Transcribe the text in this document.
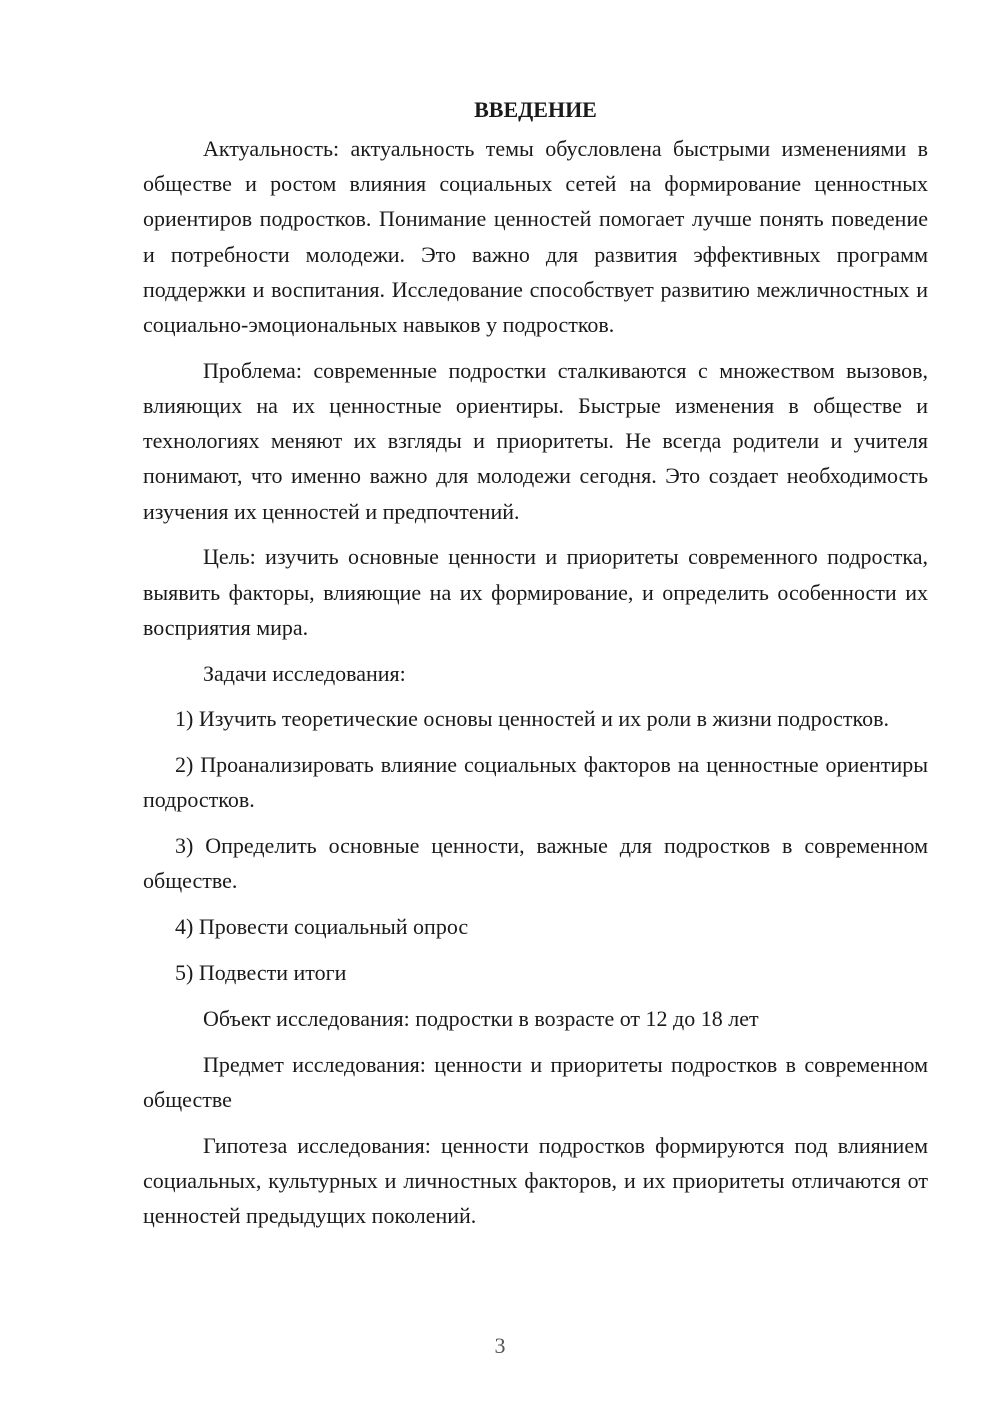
ВВЕДЕНИЕ

Актуальность: актуальность темы обусловлена быстрыми изменениями в обществе и ростом влияния социальных сетей на формирование ценностных ориентиров подростков. Понимание ценностей помогает лучше понять поведение и потребности молодежи. Это важно для развития эффективных программ поддержки и воспитания. Исследование способствует развитию межличностных и социально-эмоциональных навыков у подростков.

Проблема: современные подростки сталкиваются с множеством вызовов, влияющих на их ценностные ориентиры. Быстрые изменения в обществе и технологиях меняют их взгляды и приоритеты. Не всегда родители и учителя понимают, что именно важно для молодежи сегодня. Это создает необходимость изучения их ценностей и предпочтений.

Цель: изучить основные ценности и приоритеты современного подростка, выявить факторы, влияющие на их формирование, и определить особенности их восприятия мира.

Задачи исследования:

1) Изучить теоретические основы ценностей и их роли в жизни подростков.

2) Проанализировать влияние социальных факторов на ценностные ориентиры подростков.

3) Определить основные ценности, важные для подростков в современном обществе.

4) Провести социальный опрос

5) Подвести итоги

Объект исследования: подростки в возрасте от 12 до 18 лет

Предмет исследования: ценности и приоритеты подростков в современном обществе

Гипотеза исследования: ценности подростков формируются под влиянием социальных, культурных и личностных факторов, и их приоритеты отличаются от ценностей предыдущих поколений.

3
